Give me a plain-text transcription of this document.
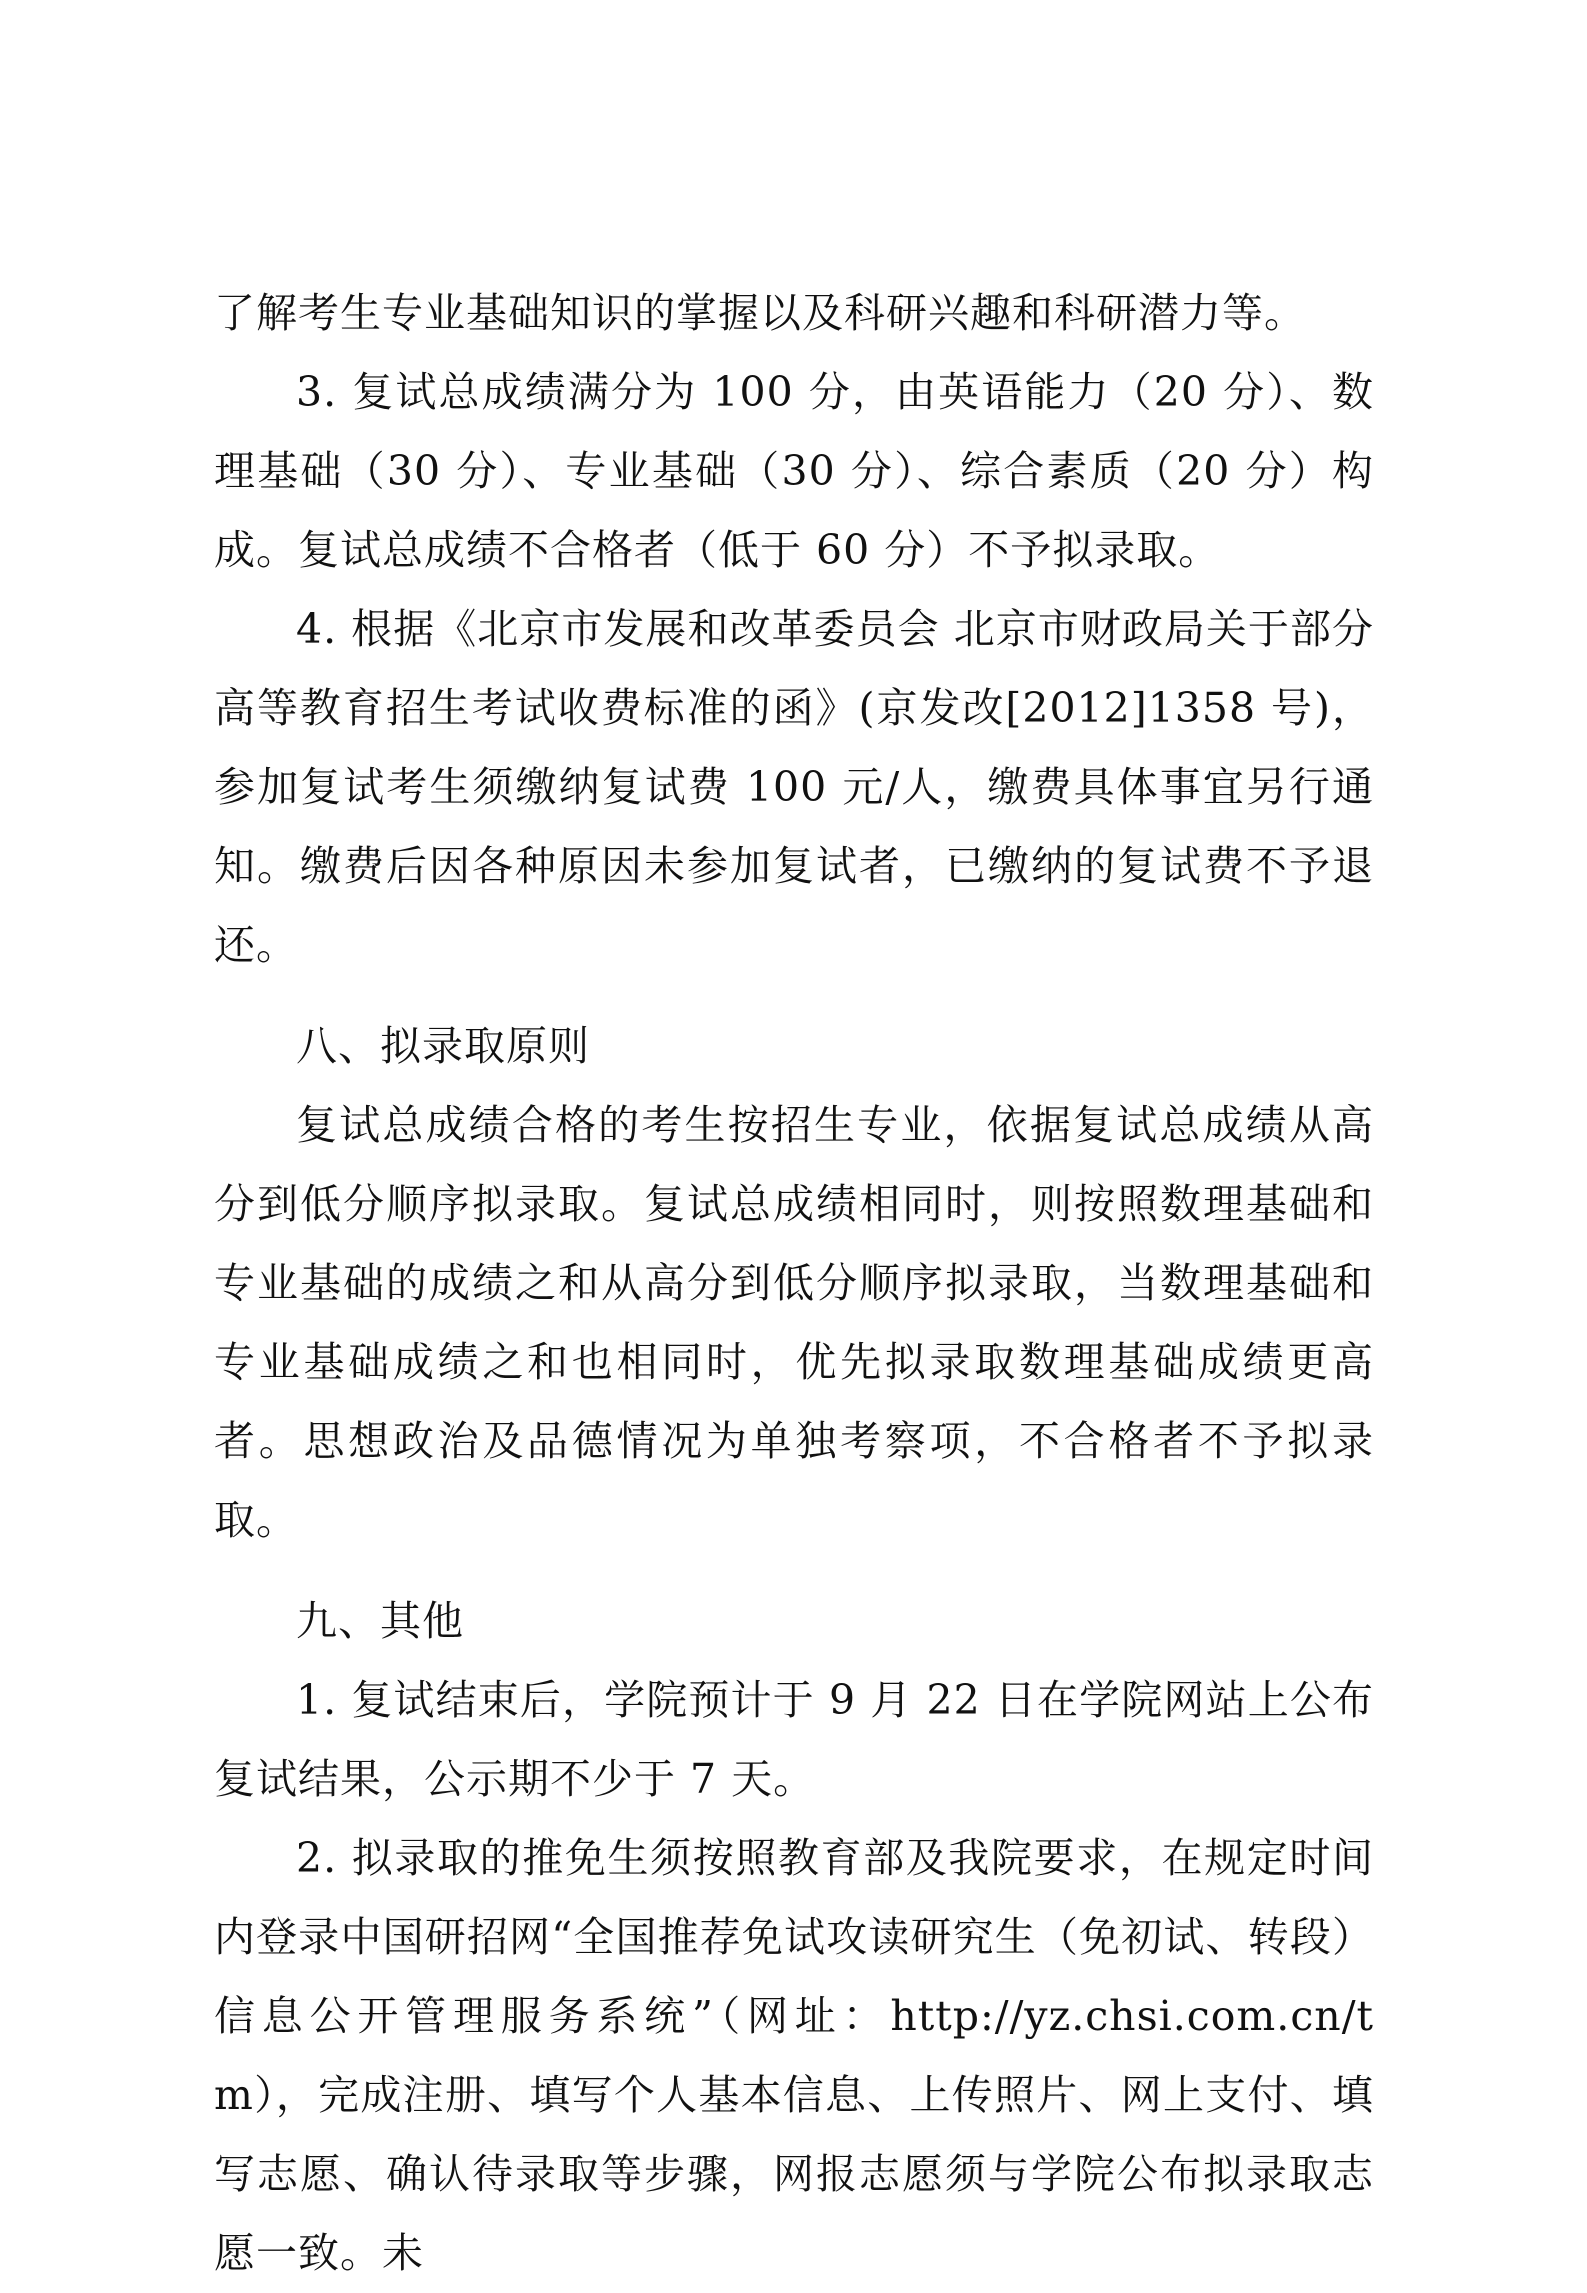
了解考生专业基础知识的掌握以及科研兴趣和科研潜力等。

3. 复试总成绩满分为 100 分，由英语能力（20 分）、数理基础（30 分）、专业基础（30 分）、综合素质（20 分）构成。复试总成绩不合格者（低于 60 分）不予拟录取。

4. 根据《北京市发展和改革委员会 北京市财政局关于部分高等教育招生考试收费标准的函》(京发改[2012]1358 号)，参加复试考生须缴纳复试费 100 元/人，缴费具体事宜另行通知。缴费后因各种原因未参加复试者，已缴纳的复试费不予退还。

八、拟录取原则

复试总成绩合格的考生按招生专业，依据复试总成绩从高分到低分顺序拟录取。复试总成绩相同时，则按照数理基础和专业基础的成绩之和从高分到低分顺序拟录取，当数理基础和专业基础成绩之和也相同时，优先拟录取数理基础成绩更高者。思想政治及品德情况为单独考察项，不合格者不予拟录取。

九、其他

1. 复试结束后，学院预计于 9 月 22 日在学院网站上公布复试结果，公示期不少于 7 天。

2. 拟录取的推免生须按照教育部及我院要求，在规定时间内登录中国研招网“全国推荐免试攻读研究生（免初试、转段）信息公开管理服务系统”（网址：http://yz.chsi.com.cn/tm），完成注册、填写个人基本信息、上传照片、网上支付、填写志愿、确认待录取等步骤，网报志愿须与学院公布拟录取志愿一致。未
